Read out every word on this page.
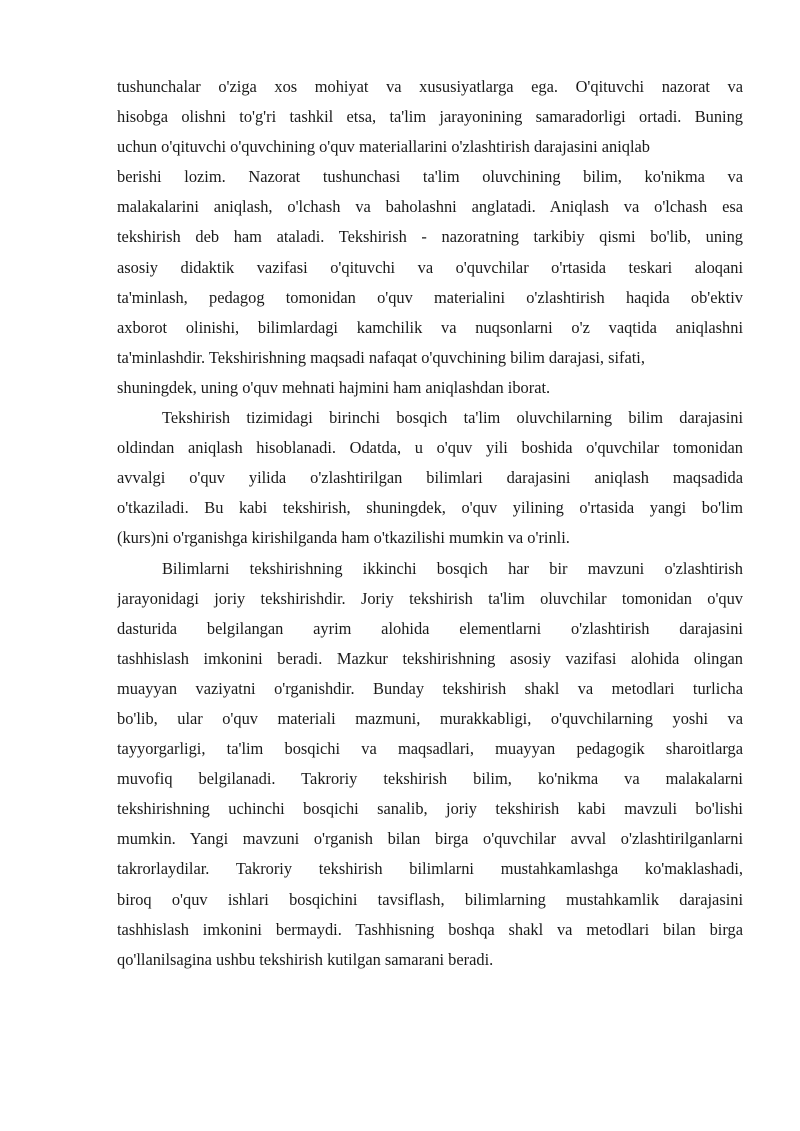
tushunchalar o'ziga xos mohiyat va xususiyatlarga ega. O'qituvchi nazorat va
hisobga olishni to'g'ri tashkil etsa, ta'lim jarayonining samaradorligi ortadi. Buning
uchun o'qituvchi o'quvchining o'quv materiallarini o'zlashtirish darajasini aniqlab
berishi lozim. Nazorat tushunchasi ta'lim oluvchining bilim, ko'nikma va
malakalarini aniqlash, o'lchash va baholashni anglatadi. Aniqlash va o'lchash esa
tekshirish deb ham ataladi. Tekshirish - nazoratning tarkibiy qismi bo'lib, uning
asosiy didaktik vazifasi o'qituvchi va o'quvchilar o'rtasida teskari aloqani
ta'minlash, pedagog tomonidan o'quv materialini o'zlashtirish haqida ob'ektiv
axborot olinishi, bilimlardagi kamchilik va nuqsonlarni o'z vaqtida aniqlashni
ta'minlashdir. Tekshirishning maqsadi nafaqat o'quvchining bilim darajasi, sifati,
shuningdek, uning o'quv mehnati hajmini ham aniqlashdan iborat.
Tekshirish tizimidagi birinchi bosqich ta'lim oluvchilarning bilim darajasini
oldindan aniqlash hisoblanadi. Odatda, u o'quv yili boshida o'quvchilar tomonidan
avvalgi o'quv yilida o'zlashtirilgan bilimlari darajasini aniqlash maqsadida
o'tkaziladi. Bu kabi tekshirish, shuningdek, o'quv yilining o'rtasida yangi bo'lim
(kurs)ni o'rganishga kirishilganda ham o'tkazilishi mumkin va o'rinli.
Bilimlarni tekshirishning ikkinchi bosqich har bir mavzuni o'zlashtirish
jarayonidagi joriy tekshirishdir. Joriy tekshirish ta'lim oluvchilar tomonidan o'quv
dasturida belgilangan ayrim alohida elementlarni o'zlashtirish darajasini
tashhislash imkonini beradi. Mazkur tekshirishning asosiy vazifasi alohida olingan
muayyan vaziyatni o'rganishdir. Bunday tekshirish shakl va metodlari turlicha
bo'lib, ular o'quv materiali mazmuni, murakkabligi, o'quvchilarning yoshi va
tayyorgarligi, ta'lim bosqichi va maqsadlari, muayyan pedagogik sharoitlarga
muvofiq belgilanadi. Takroriy tekshirish bilim, ko'nikma va malakalarni
tekshirishning uchinchi bosqichi sanalib, joriy tekshirish kabi mavzuli bo'lishi
mumkin. Yangi mavzuni o'rganish bilan birga o'quvchilar avval o'zlashtirilganlarni
takrorlaydilar. Takroriy tekshirish bilimlarni mustahkamlashga ko'maklashadi,
biroq o'quv ishlari bosqichini tavsiflash, bilimlarning mustahkamlik darajasini
tashhislash imkonini bermaydi. Tashhisning boshqa shakl va metodlari bilan birga
qo'llanilsagina ushbu tekshirish kutilgan samarani beradi.
